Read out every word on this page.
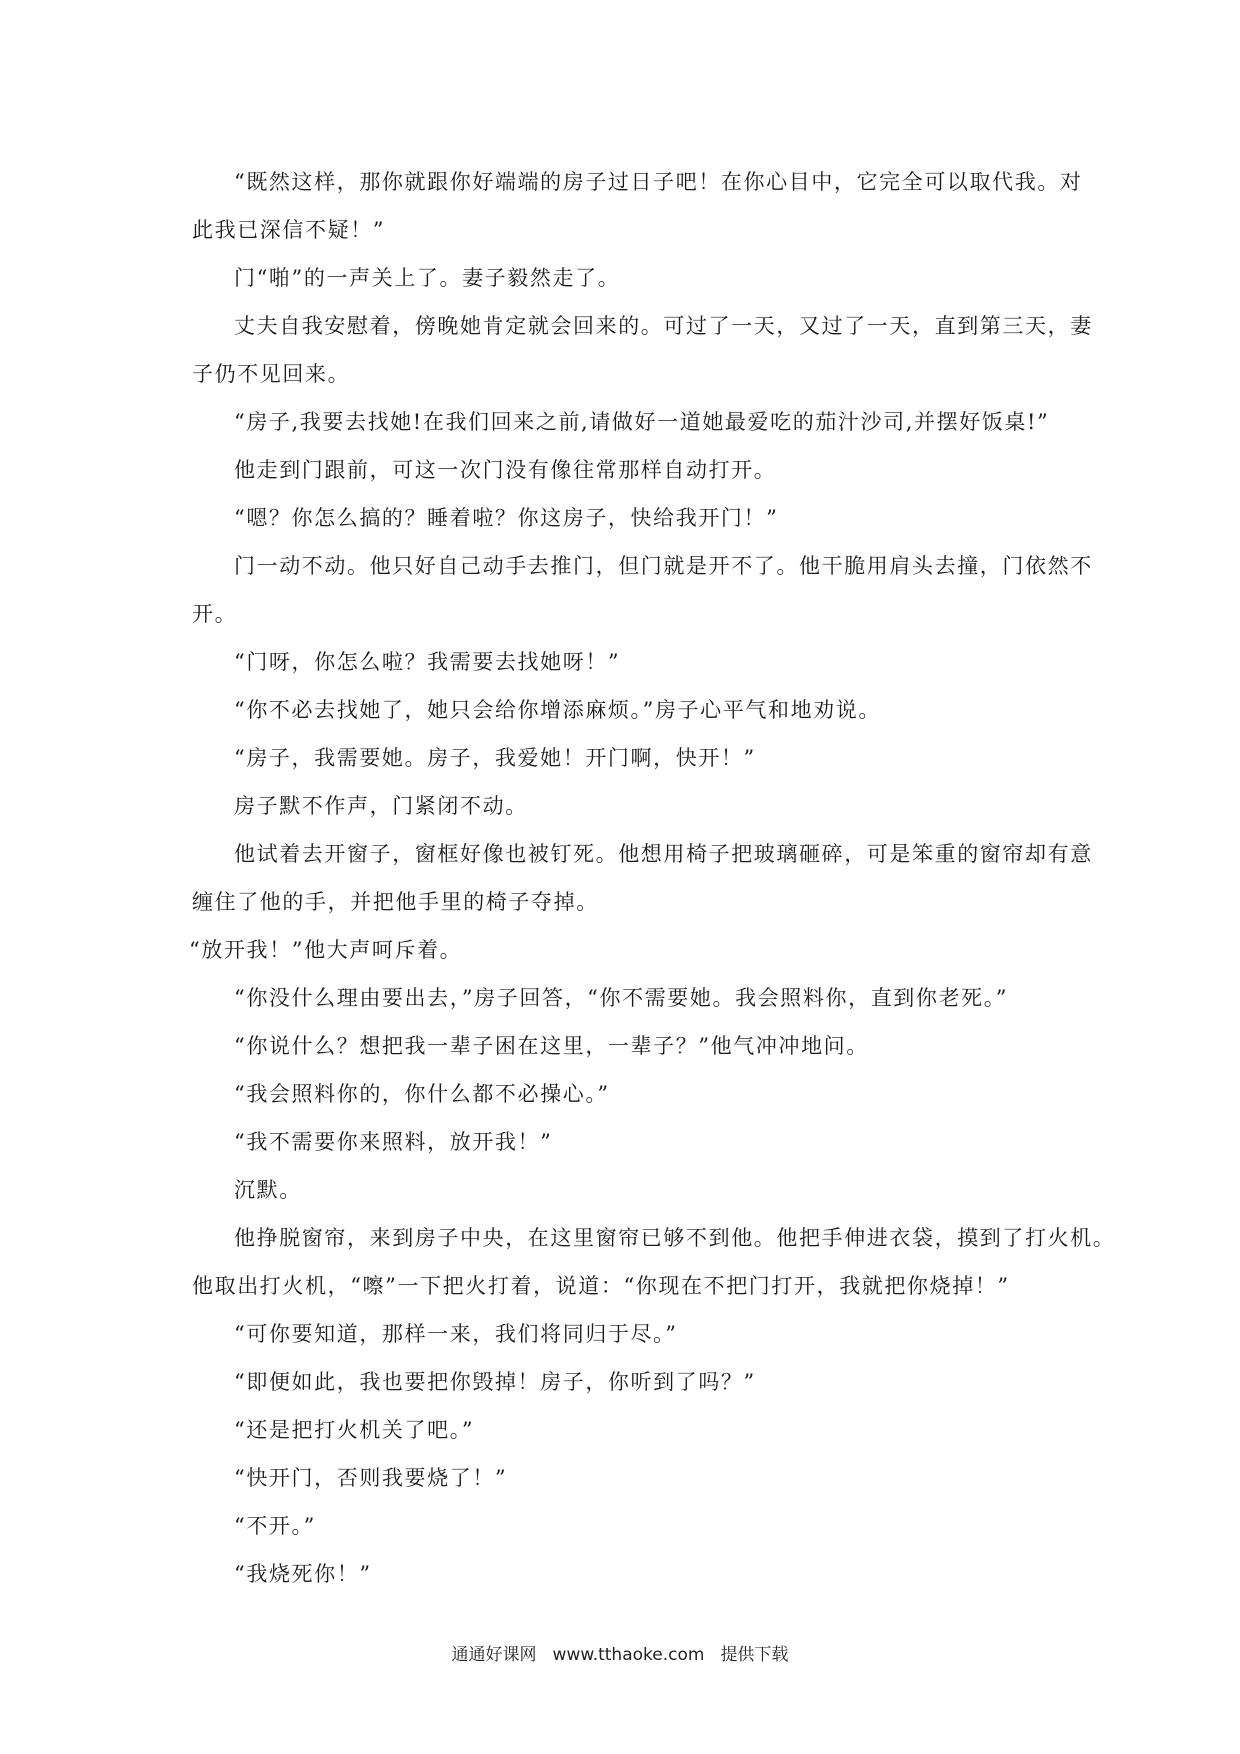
“既然这样，那你就跟你好端端的房子过日子吧！在你心目中，它完全可以取代我。对
此我已深信不疑！”
门“啪”的一声关上了。妻子毅然走了。
丈夫自我安慰着，傍晚她肯定就会回来的。可过了一天，又过了一天，直到第三天，妻
子仍不见回来。
“房子,我要去找她!在我们回来之前,请做好一道她最爱吃的茄汁沙司,并摆好饭桌!”
他走到门跟前，可这一次门没有像往常那样自动打开。
“嗯？你怎么搞的？睡着啦？你这房子，快给我开门！”
门一动不动。他只好自己动手去推门，但门就是开不了。他干脆用肩头去撞，门依然不
开。
“门呀，你怎么啦？我需要去找她呀！”
“你不必去找她了，她只会给你增添麻烦。”房子心平气和地劝说。
“房子，我需要她。房子，我爱她！开门啊，快开！”
房子默不作声，门紧闭不动。
他试着去开窗子，窗框好像也被钉死。他想用椅子把玻璃砸碎，可是笨重的窗帘却有意
缠住了他的手，并把他手里的椅子夺掉。
“放开我！”他大声呵斥着。
“你没什么理由要出去，”房子回答，“你不需要她。我会照料你，直到你老死。”
“你说什么？想把我一辈子困在这里，一辈子？”他气冲冲地问。
“我会照料你的，你什么都不必操心。”
“我不需要你来照料，放开我！”
沉默。
他挣脱窗帘，来到房子中央，在这里窗帘已够不到他。他把手伸进衣袋，摸到了打火机。
他取出打火机，“嚓”一下把火打着，说道：“你现在不把门打开，我就把你烧掉！”
“可你要知道，那样一来，我们将同归于尽。”
“即便如此，我也要把你毁掉！房子，你听到了吗？”
“还是把打火机关了吧。”
“快开门，否则我要烧了！”
“不开。”
“我烧死你！”
通通好课网 www.tthaoke.com 提供下载
